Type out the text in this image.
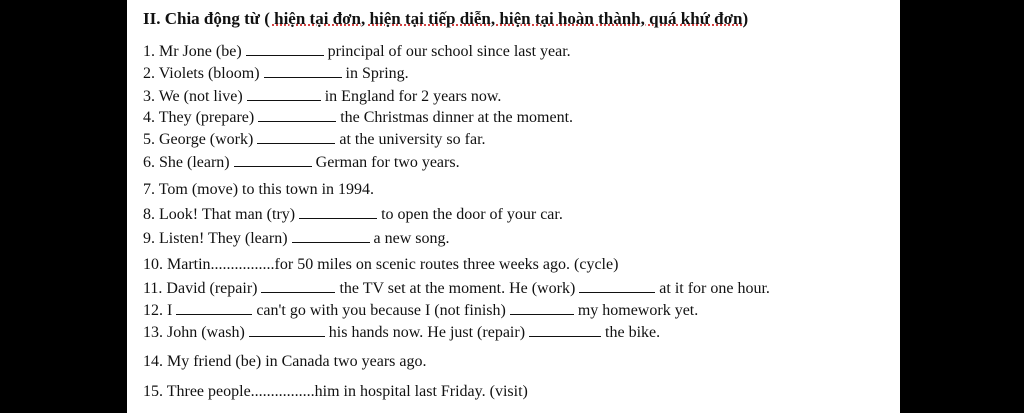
II. Chia động từ ( hiện tại đơn, hiện tại tiếp diễn, hiện tại hoàn thành, quá khứ đơn)
1. Mr Jone (be)	principal of our school since last year.
2. Violets (bloom)	in Spring.
3. We (not live)	in England for 2 years now.
4. They (prepare)	the Christmas dinner at the moment.
5. George (work)	at the university so far.
6. She (learn)	German for two years.
7. Tom (move) to this town in 1994.
8. Look! That man (try)	to open the door of your car.
9. Listen! They (learn)	a new song.
10. Martin................for 50 miles on scenic routes three weeks ago. (cycle)
11. David (repair)	the TV set at the moment. He (work)	at it for one hour.
12. I	can't go with you because I (not finish)	my homework yet.
13. John (wash)	his hands now. He just (repair)	the bike.
14. My friend (be) in Canada two years ago.
15. Three people................him in hospital last Friday. (visit)
